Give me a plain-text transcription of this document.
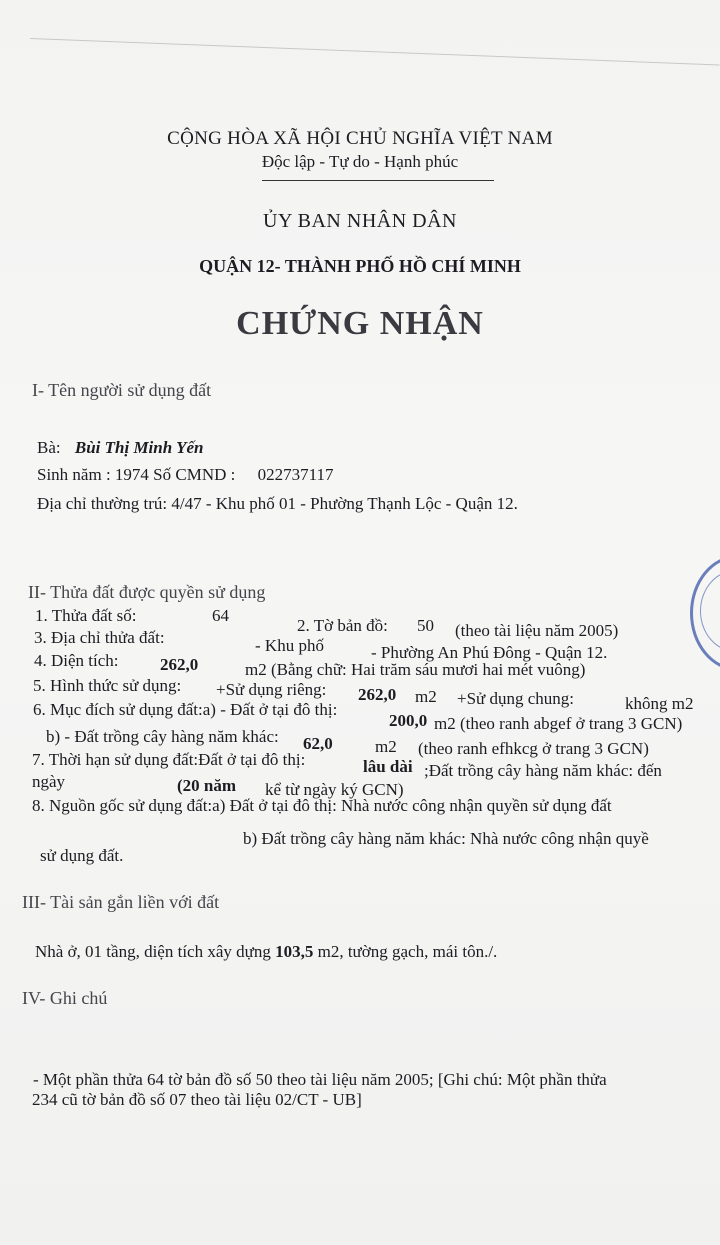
CỘNG HÒA XÃ HỘI CHỦ NGHĨA VIỆT NAM
Độc lập - Tự do - Hạnh phúc
ỦY BAN NHÂN DÂN
QUẬN 12- THÀNH PHỐ HỒ CHÍ MINH
CHỨNG NHẬN
I- Tên người sử dụng đất
Bà: Bùi Thị Minh Yến
Sinh năm : 1974 Số CMND : 022737117
Địa chỉ thường trú: 4/47 - Khu phố 01 - Phường Thạnh Lộc - Quận 12.
II- Thửa đất được quyền sử dụng
1. Thửa đất số:	64
2. Tờ bản đồ: 50 (theo tài liệu năm 2005)
3. Địa chỉ thửa đất:	- Khu phố	- Phường An Phú Đông - Quận 12.
4. Diện tích: 262,0	m2 (Bằng chữ: Hai trăm sáu mươi hai mét vuông)
5. Hình thức sử dụng: +Sử dụng riêng: 262,0 m2 +Sử dụng chung:	không m2
6. Mục đích sử dụng đất:a) - Đất ở tại đô thị:
200,0 m2 (theo ranh abgef ở trang 3 GCN)
b) - Đất trồng cây hàng năm khác: 62,0 m2 (theo ranh efhkcg ở trang 3 GCN)
7. Thời hạn sử dụng đất:Đất ở tại đô thị:	lâu dài ;Đất trồng cây hàng năm khác: đến
ngày	(20 năm kể từ ngày ký GCN)
8. Nguồn gốc sử dụng đất:a) Đất ở tại đô thị: Nhà nước công nhận quyền sử dụng đất
b) Đất trồng cây hàng năm khác: Nhà nước công nhận quyề
sử dụng đất.
III- Tài sản gắn liền với đất
Nhà ở, 01 tầng, diện tích xây dựng 103,5 m2, tường gạch, mái tôn./.
IV- Ghi chú
- Một phần thửa 64 tờ bản đồ số 50 theo tài liệu năm 2005; [Ghi chú: Một phần thửa
234 cũ tờ bản đồ số 07 theo tài liệu 02/CT - UB]
